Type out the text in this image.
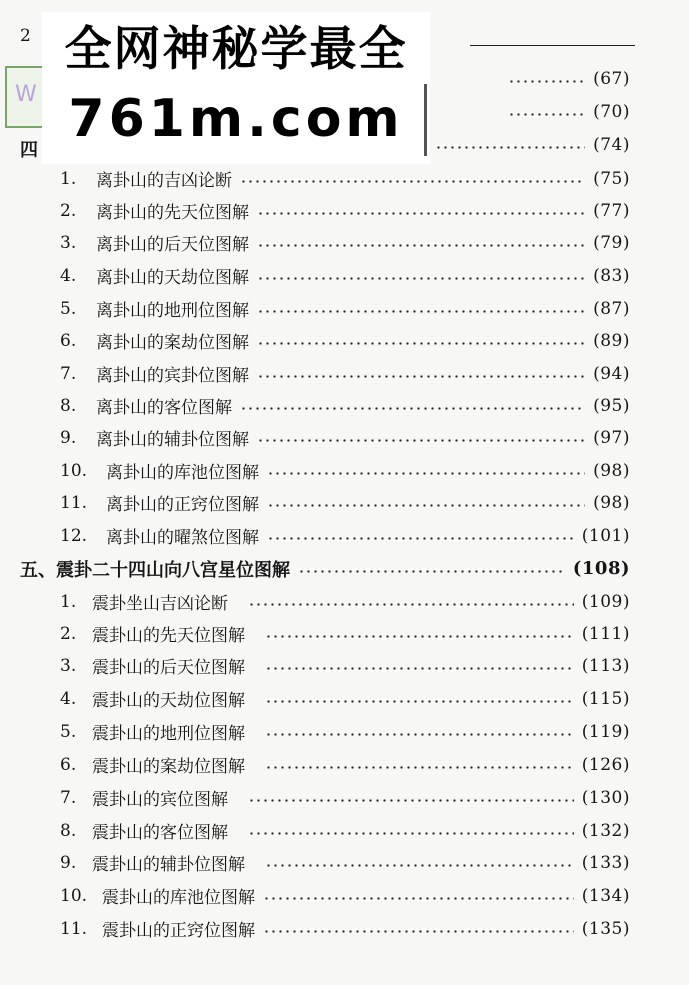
2
W
四
(67)
(70)
(74)
1.	离卦山的吉凶论断	(75)
2.	离卦山的先天位图解	(77)
3.	离卦山的后天位图解	(79)
4.	离卦山的天劫位图解	(83)
5.	离卦山的地刑位图解	(87)
6.	离卦山的案劫位图解	(89)
7.	离卦山的宾卦位图解	(94)
8.	离卦山的客位图解	(95)
9.	离卦山的辅卦位图解	(97)
10.	离卦山的库池位图解	(98)
11.	离卦山的正窍位图解	(98)
12.	离卦山的曜煞位图解	(101)
五、 震卦二十四山向八宫星位图解	(108)
1. 震卦坐山吉凶论断	(109)
2. 震卦山的先天位图解	(111)
3. 震卦山的后天位图解	(113)
4. 震卦山的天劫位图解	(115)
5. 震卦山的地刑位图解	(119)
6. 震卦山的案劫位图解	(126)
7. 震卦山的宾位图解	(130)
8. 震卦山的客位图解	(132)
9. 震卦山的辅卦位图解	(133)
10. 震卦山的库池位图解	(134)
11. 震卦山的正窍位图解	(135)
全网神秘学最全
761m.com
